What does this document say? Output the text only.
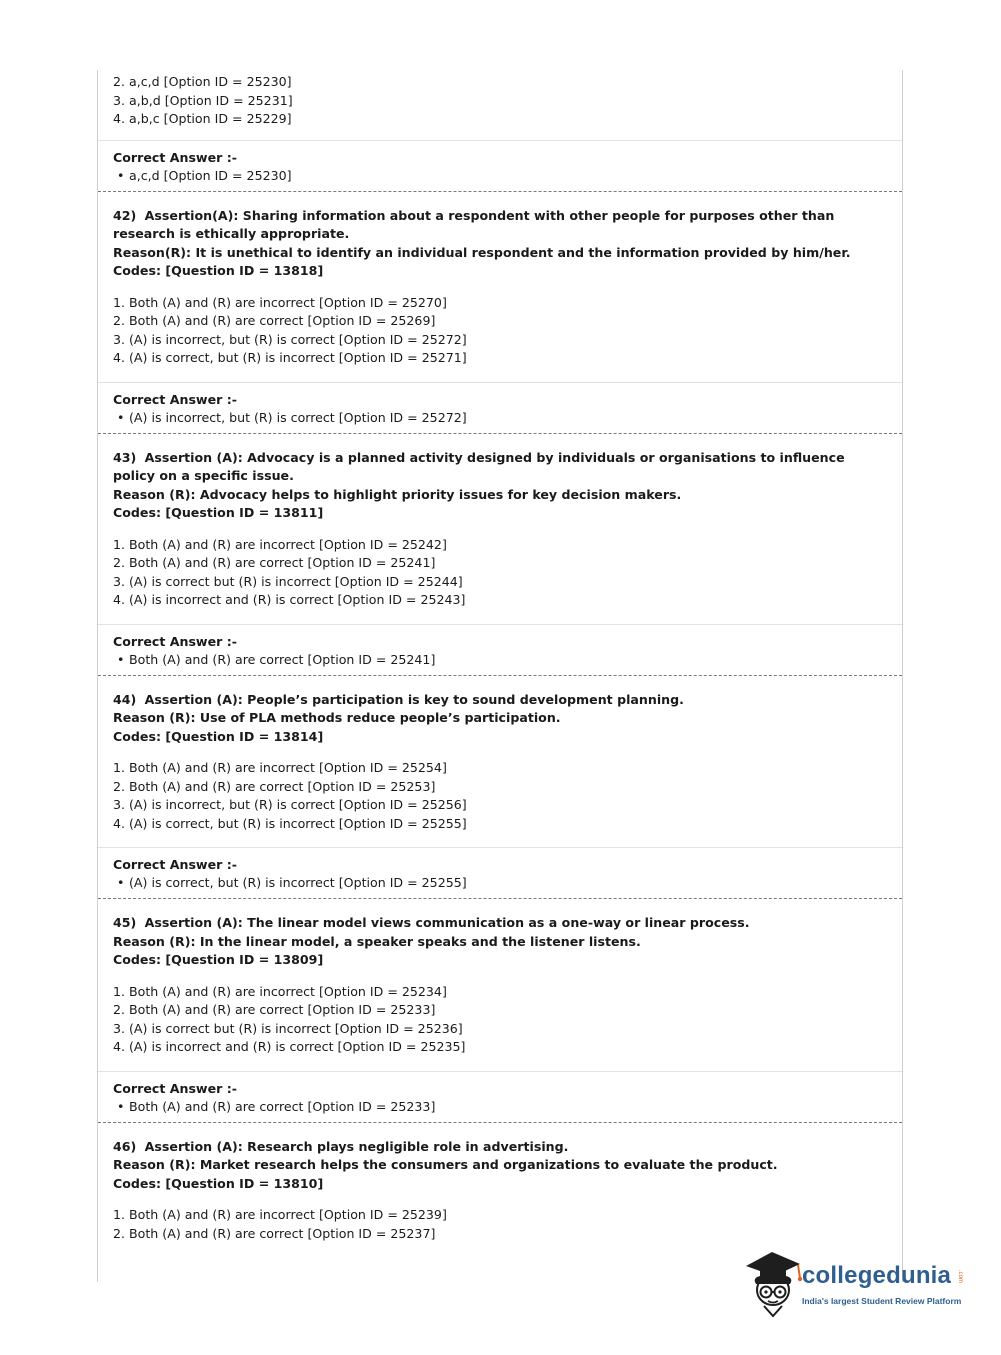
2. a,c,d [Option ID = 25230]
3. a,b,d [Option ID = 25231]
4. a,b,c [Option ID = 25229]
Correct Answer :-
• a,c,d [Option ID = 25230]
42) Assertion(A): Sharing information about a respondent with other people for purposes other than research is ethically appropriate.
Reason(R): It is unethical to identify an individual respondent and the information provided by him/her.
Codes: [Question ID = 13818]
1. Both (A) and (R) are incorrect [Option ID = 25270]
2. Both (A) and (R) are correct [Option ID = 25269]
3. (A) is incorrect, but (R) is correct [Option ID = 25272]
4. (A) is correct, but (R) is incorrect [Option ID = 25271]
Correct Answer :-
• (A) is incorrect, but (R) is correct [Option ID = 25272]
43) Assertion (A): Advocacy is a planned activity designed by individuals or organisations to influence policy on a specific issue.
Reason (R): Advocacy helps to highlight priority issues for key decision makers.
Codes: [Question ID = 13811]
1. Both (A) and (R) are incorrect [Option ID = 25242]
2. Both (A) and (R) are correct [Option ID = 25241]
3. (A) is correct but (R) is incorrect [Option ID = 25244]
4. (A) is incorrect and (R) is correct [Option ID = 25243]
Correct Answer :-
• Both (A) and (R) are correct [Option ID = 25241]
44) Assertion (A): People’s participation is key to sound development planning.
Reason (R): Use of PLA methods reduce people’s participation.
Codes: [Question ID = 13814]
1. Both (A) and (R) are incorrect [Option ID = 25254]
2. Both (A) and (R) are correct [Option ID = 25253]
3. (A) is incorrect, but (R) is correct [Option ID = 25256]
4. (A) is correct, but (R) is incorrect [Option ID = 25255]
Correct Answer :-
• (A) is correct, but (R) is incorrect [Option ID = 25255]
45) Assertion (A): The linear model views communication as a one-way or linear process.
Reason (R): In the linear model, a speaker speaks and the listener listens.
Codes: [Question ID = 13809]
1. Both (A) and (R) are incorrect [Option ID = 25234]
2. Both (A) and (R) are correct [Option ID = 25233]
3. (A) is correct but (R) is incorrect [Option ID = 25236]
4. (A) is incorrect and (R) is correct [Option ID = 25235]
Correct Answer :-
• Both (A) and (R) are correct [Option ID = 25233]
46) Assertion (A): Research plays negligible role in advertising.
Reason (R): Market research helps the consumers and organizations to evaluate the product.
Codes: [Question ID = 13810]
1. Both (A) and (R) are incorrect [Option ID = 25239]
2. Both (A) and (R) are correct [Option ID = 25237]
collegedunia .com
India's largest Student Review Platform
